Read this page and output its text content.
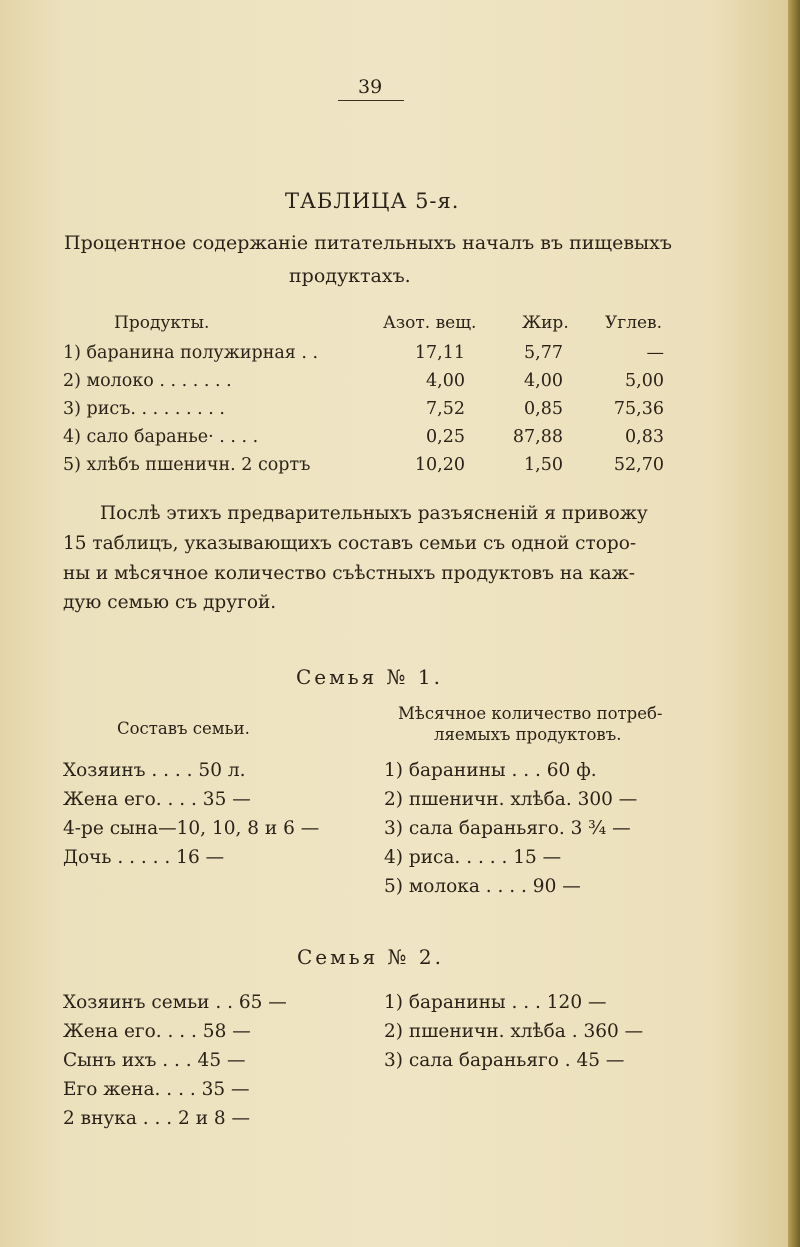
39
ТАБЛИЦА 5-я.
Процентное содержаніе питательныхъ началъ въ пищевыхъ
продуктахъ.
Продукты.	Азот. вещ.	Жир. Углев.
1) баранина полужирная . .	17,11	5,77	—
2) молоко . . . . . . .	4,00	4,00	5,00
3) рисъ. . . . . . . . .	7,52	0,85	75,36
4) сало баранье· . . . .	0,25	87,88	0,83
5) хлѣбъ пшеничн. 2 сортъ	10,20	1,50	52,70
Послѣ этихъ предварительныхъ разъясненій я привожу
15 таблицъ, указывающихъ составъ семьи съ одной сторо-
ны и мѣсячное количество съѣстныхъ продуктовъ на каж-
дую семью съ другой.
Семья № 1.
Составъ семьи.
Мѣсячное количество потреб-
ляемыхъ продуктовъ.
Хозяинъ . . . . 50 л.
Жена его. . . . 35 —
4-ре сына—10, 10, 8 и 6 —
Дочь . . . . . 16 —
1) баранины . . . 60 ф.
2) пшеничн. хлѣба. 300 —
3) сала бараньяго. 3 ¾ —
4) риса. . . . . 15 —
5) молока . . . . 90 —
Семья № 2.
Хозяинъ семьи . . 65 —
Жена его. . . . 58 —
Сынъ ихъ . . . 45 —
Его жена. . . . 35 —
2 внука . . . 2 и 8 —
1) баранины . . . 120 —
2) пшеничн. хлѣба . 360 —
3) сала бараньяго . 45 —
